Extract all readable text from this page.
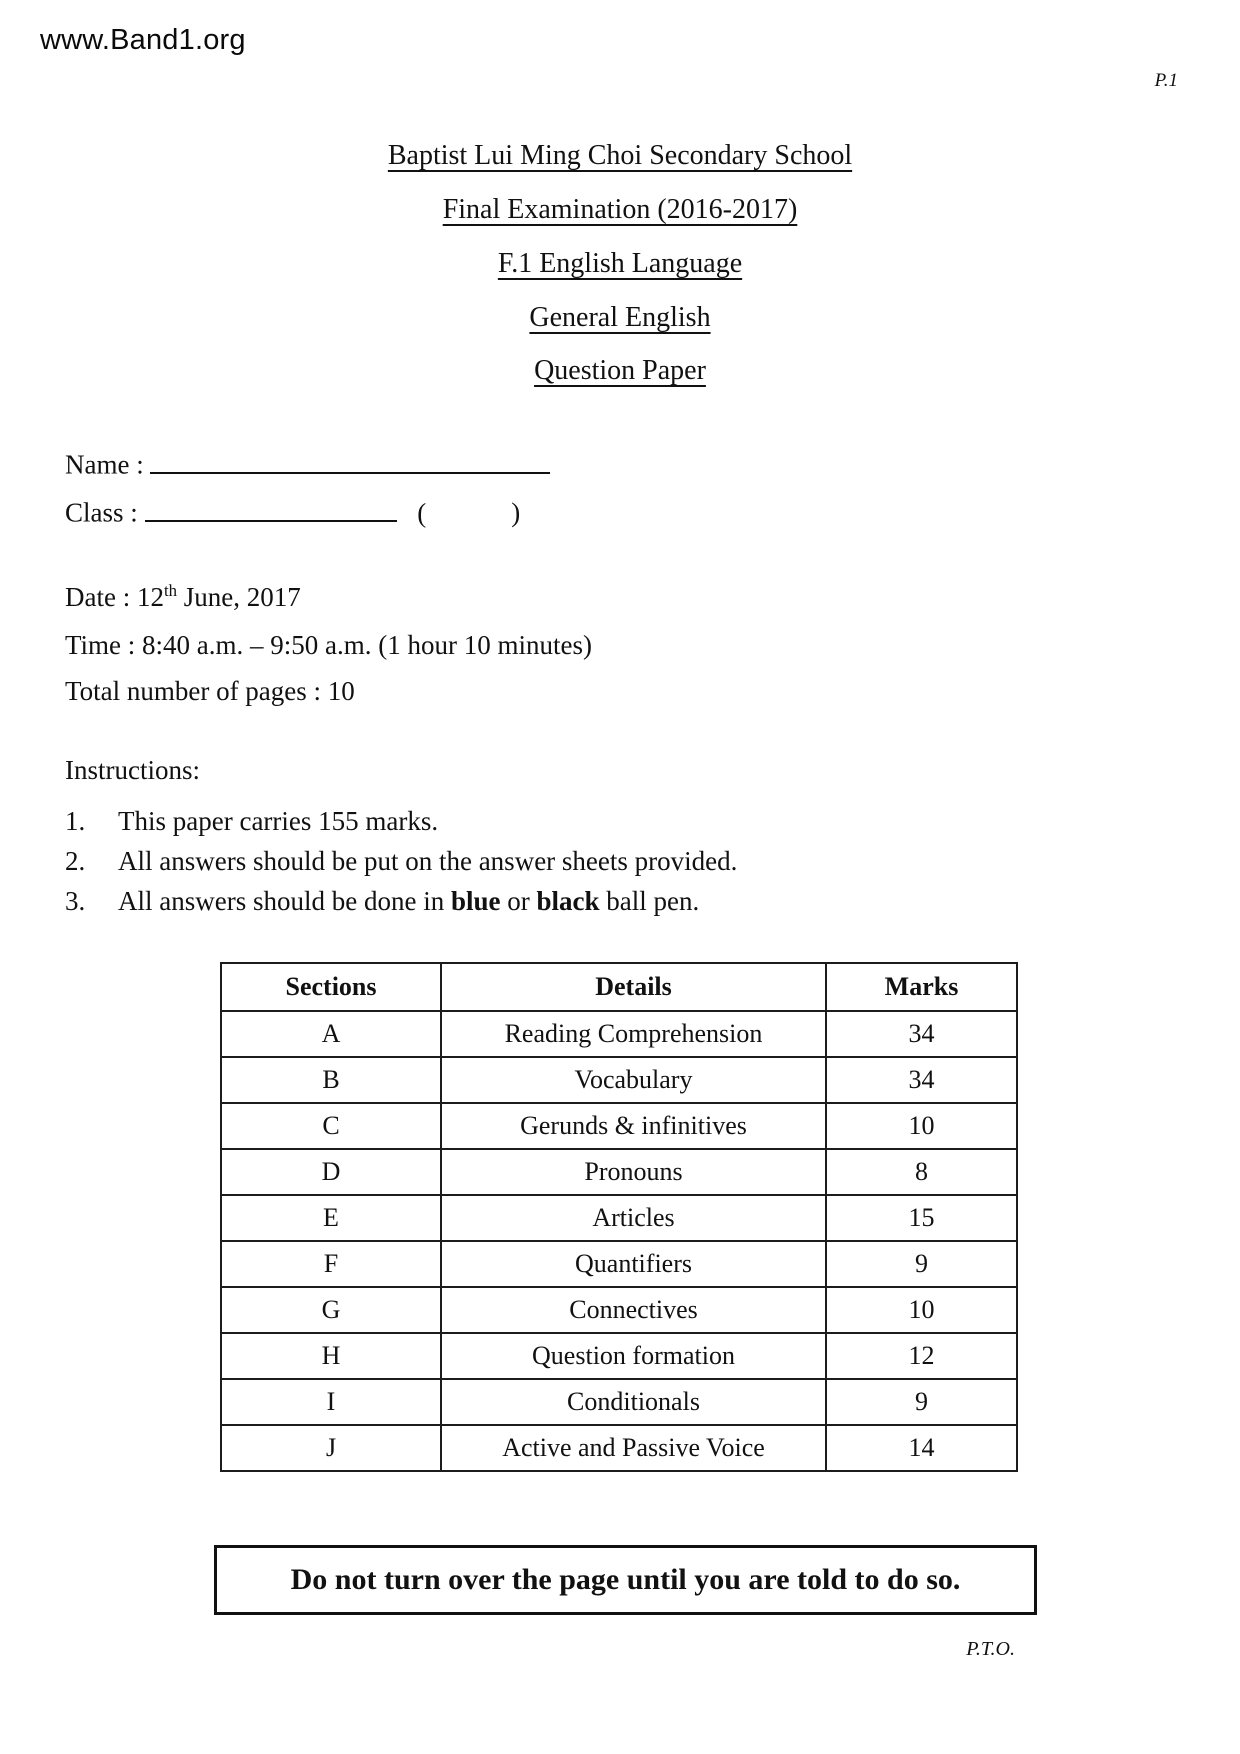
www.Band1.org
P.1
Baptist Lui Ming Choi Secondary School
Final Examination (2016-2017)
F.1 English Language
General English
Question Paper
Name :
Class :	(	)
Date : 12th June, 2017
Time : 8:40 a.m. – 9:50 a.m. (1 hour 10 minutes)
Total number of pages : 10
Instructions:
1.	This paper carries 155 marks.
2.	All answers should be put on the answer sheets provided.
3.	All answers should be done in blue or black ball pen.
Sections	Details	Marks
A	Reading Comprehension	34
B	Vocabulary	34
C	Gerunds & infinitives	10
D	Pronouns	8
E	Articles	15
F	Quantifiers	9
G	Connectives	10
H	Question formation	12
I	Conditionals	9
J	Active and Passive Voice	14
Do not turn over the page until you are told to do so.
P.T.O.
